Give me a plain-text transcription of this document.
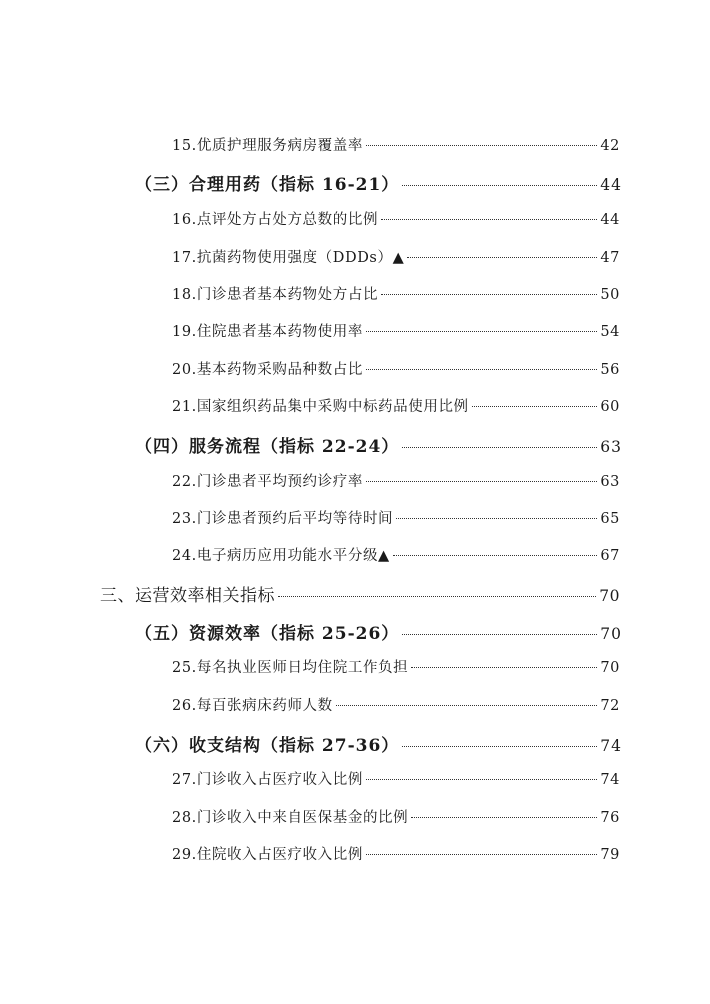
15.优质护理服务病房覆盖率	42
（三）合理用药（指标 16-21）	44
16.点评处方占处方总数的比例	44
17.抗菌药物使用强度（DDDs）▲	47
18.门诊患者基本药物处方占比	50
19.住院患者基本药物使用率	54
20.基本药物采购品种数占比	56
21.国家组织药品集中采购中标药品使用比例	60
（四）服务流程（指标 22-24）	63
22.门诊患者平均预约诊疗率	63
23.门诊患者预约后平均等待时间	65
24.电子病历应用功能水平分级▲	67
三、运营效率相关指标	70
（五）资源效率（指标 25-26）	70
25.每名执业医师日均住院工作负担	70
26.每百张病床药师人数	72
（六）收支结构（指标 27-36）	74
27.门诊收入占医疗收入比例	74
28.门诊收入中来自医保基金的比例	76
29.住院收入占医疗收入比例	79
